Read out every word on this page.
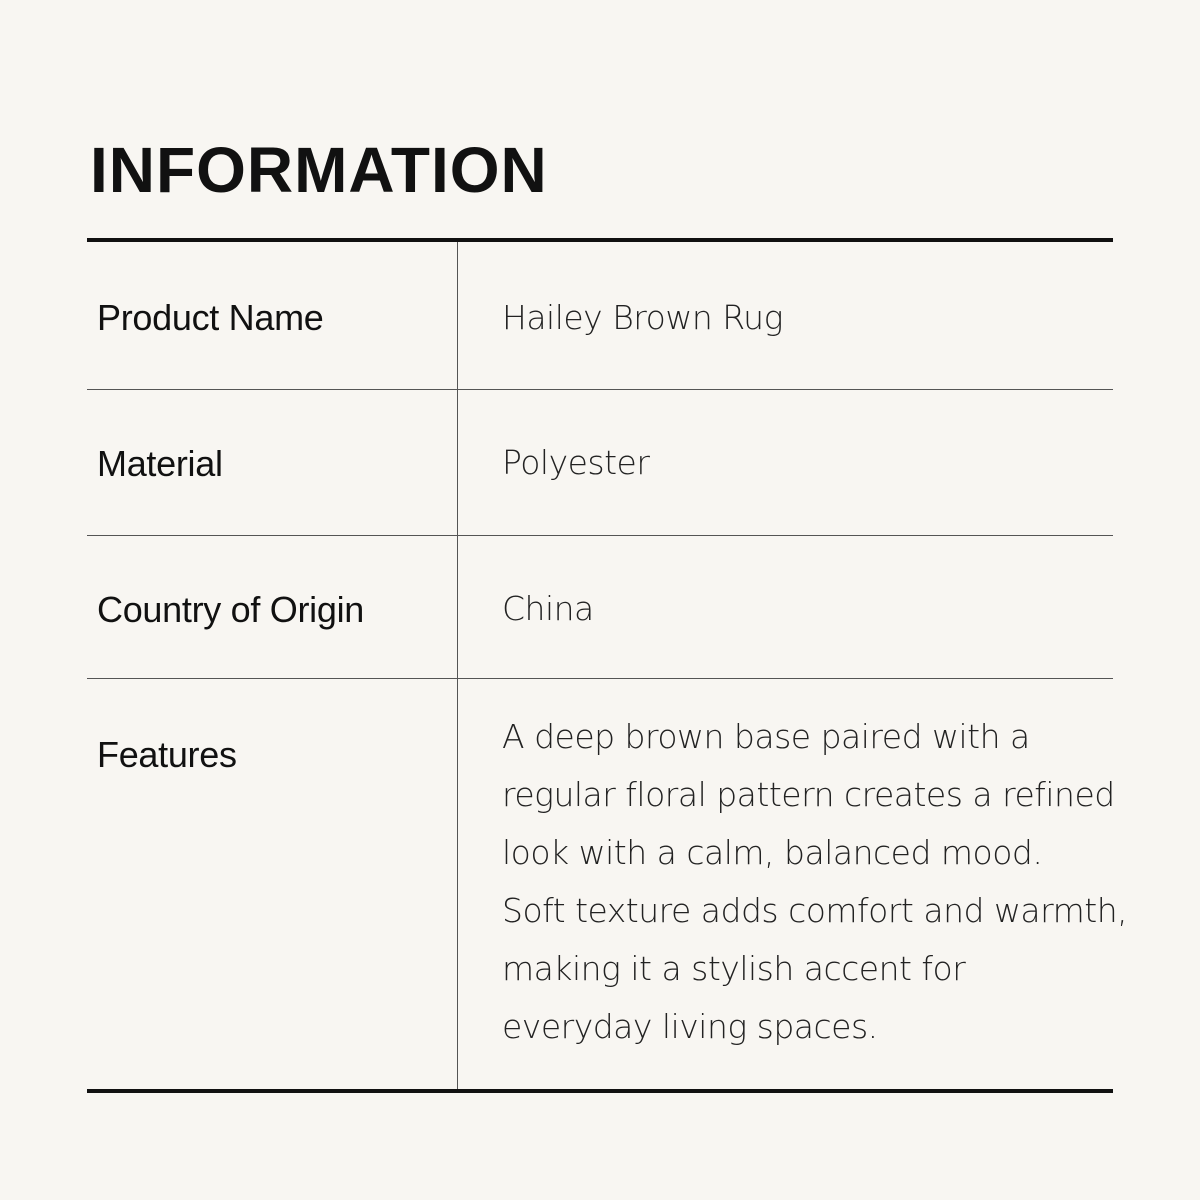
INFORMATION
Product Name	Hailey Brown Rug
Material	Polyester
Country of Origin	China
Features	A deep brown base paired with a
regular floral pattern creates a refined
look with a calm, balanced mood.
Soft texture adds comfort and warmth,
making it a stylish accent for
everyday living spaces.
